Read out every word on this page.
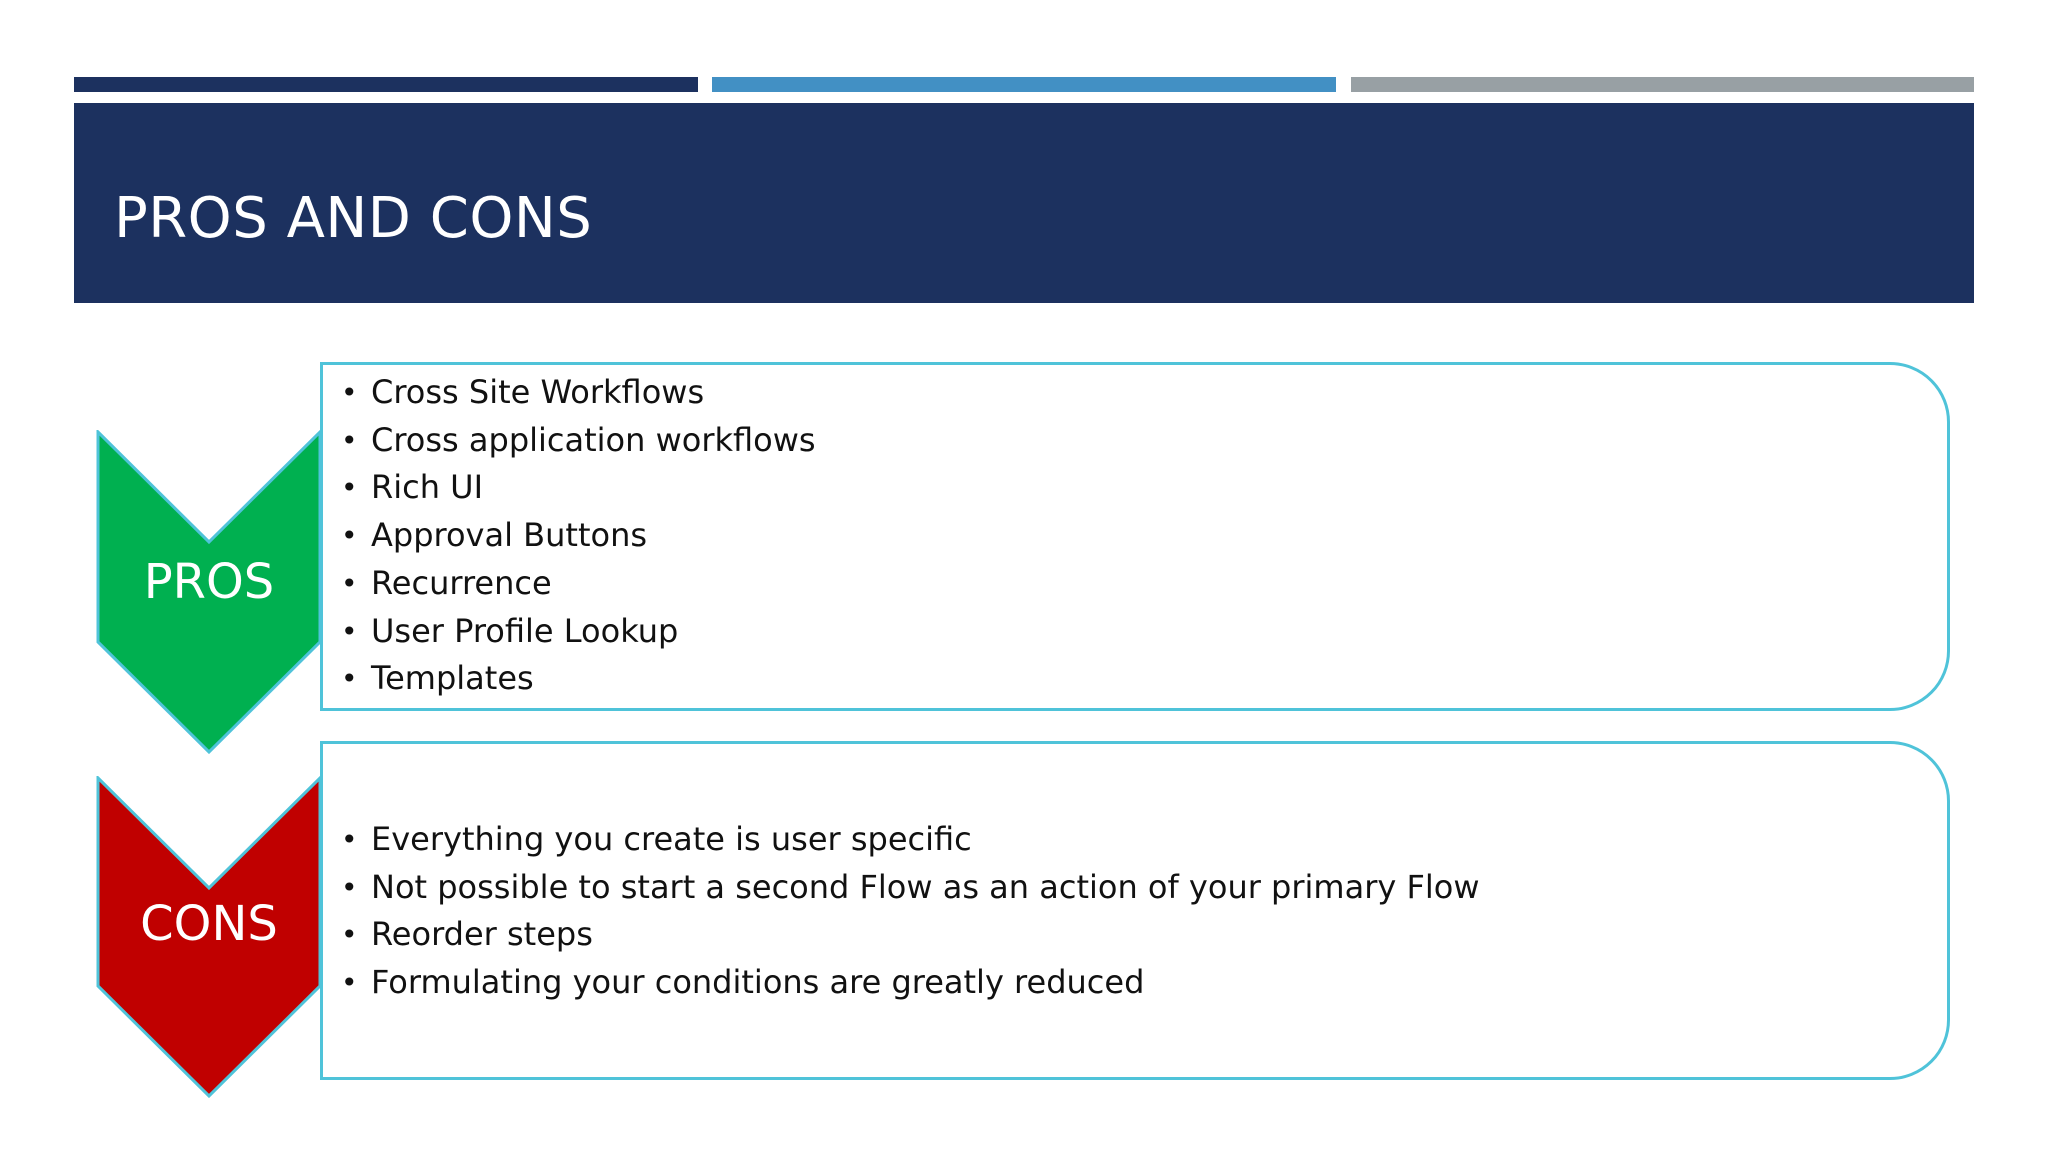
PROS AND CONS
PROS
• Cross Site Workflows
• Cross application workflows
• Rich UI
• Approval Buttons
• Recurrence
• User Profile Lookup
• Templates
CONS
• Everything you create is user specific
• Not possible to start a second Flow as an action of your primary Flow
• Reorder steps
• Formulating your conditions are greatly reduced
